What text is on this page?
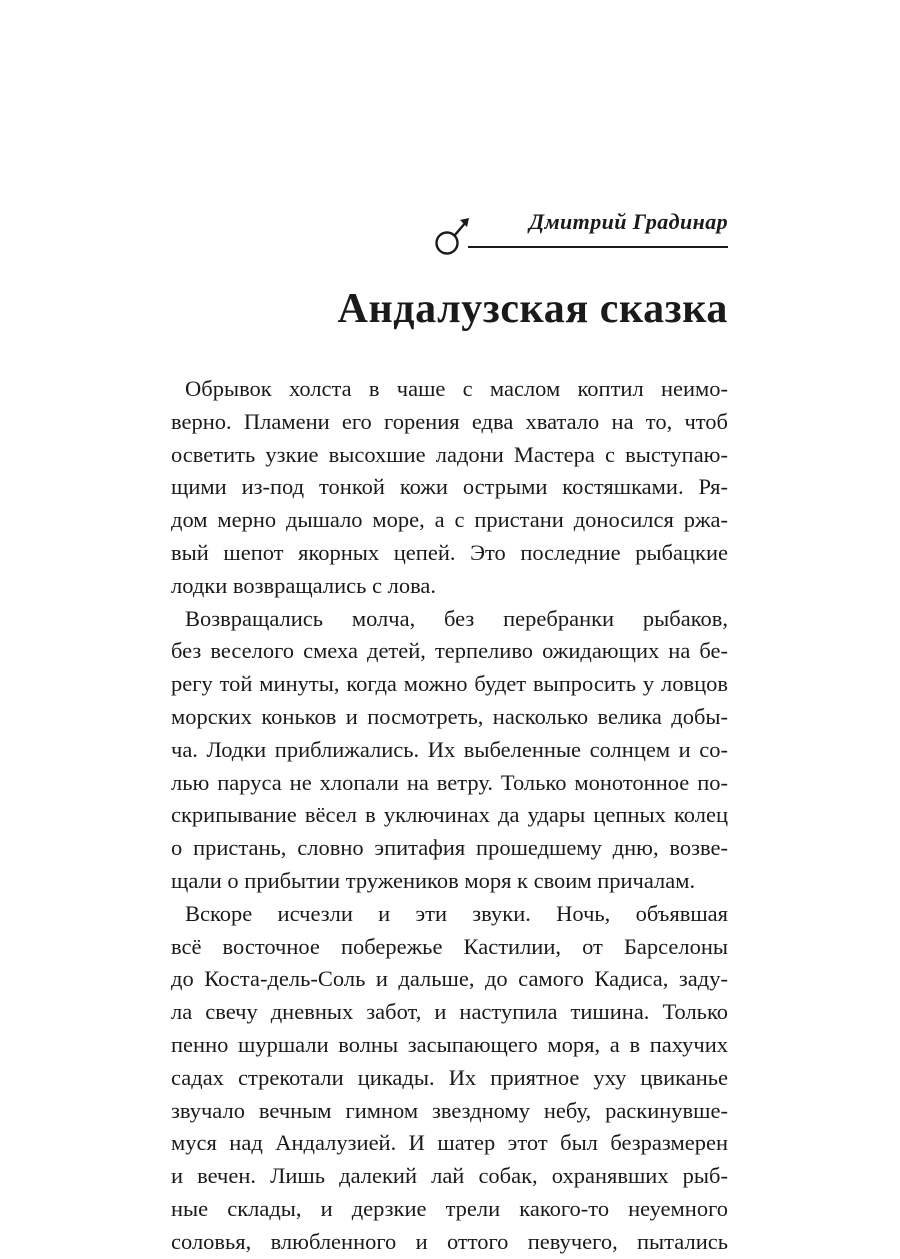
Дмитрий Градинар
Андалузская сказка
Обрывок холста в чаше с маслом коптил неимо-
верно. Пламени его горения едва хватало на то, чтоб
осветить узкие высохшие ладони Мастера с выступаю-
щими из-под тонкой кожи острыми костяшками. Ря-
дом мерно дышало море, а с пристани доносился ржа-
вый шепот якорных цепей. Это последние рыбацкие
лодки возвращались с лова.
Возвращались молча, без перебранки рыбаков,
без веселого смеха детей, терпеливо ожидающих на бе-
регу той минуты, когда можно будет выпросить у ловцов
морских коньков и посмотреть, насколько велика добы-
ча. Лодки приближались. Их выбеленные солнцем и со-
лью паруса не хлопали на ветру. Только монотонное по-
скрипывание вёсел в уключинах да удары цепных колец
о пристань, словно эпитафия прошедшему дню, возве-
щали о прибытии тружеников моря к своим причалам.
Вскоре исчезли и эти звуки. Ночь, объявшая
всё восточное побережье Кастилии, от Барселоны
до Коста-дель-Соль и дальше, до самого Кадиса, заду-
ла свечу дневных забот, и наступила тишина. Только
пенно шуршали волны засыпающего моря, а в пахучих
садах стрекотали цикады. Их приятное уху цвиканье
звучало вечным гимном звездному небу, раскинувше-
муся над Андалузией. И шатер этот был безразмерен
и вечен. Лишь далекий лай собак, охранявших рыб-
ные склады, и дерзкие трели какого-то неуемного
соловья, влюбленного и оттого певучего, пытались
